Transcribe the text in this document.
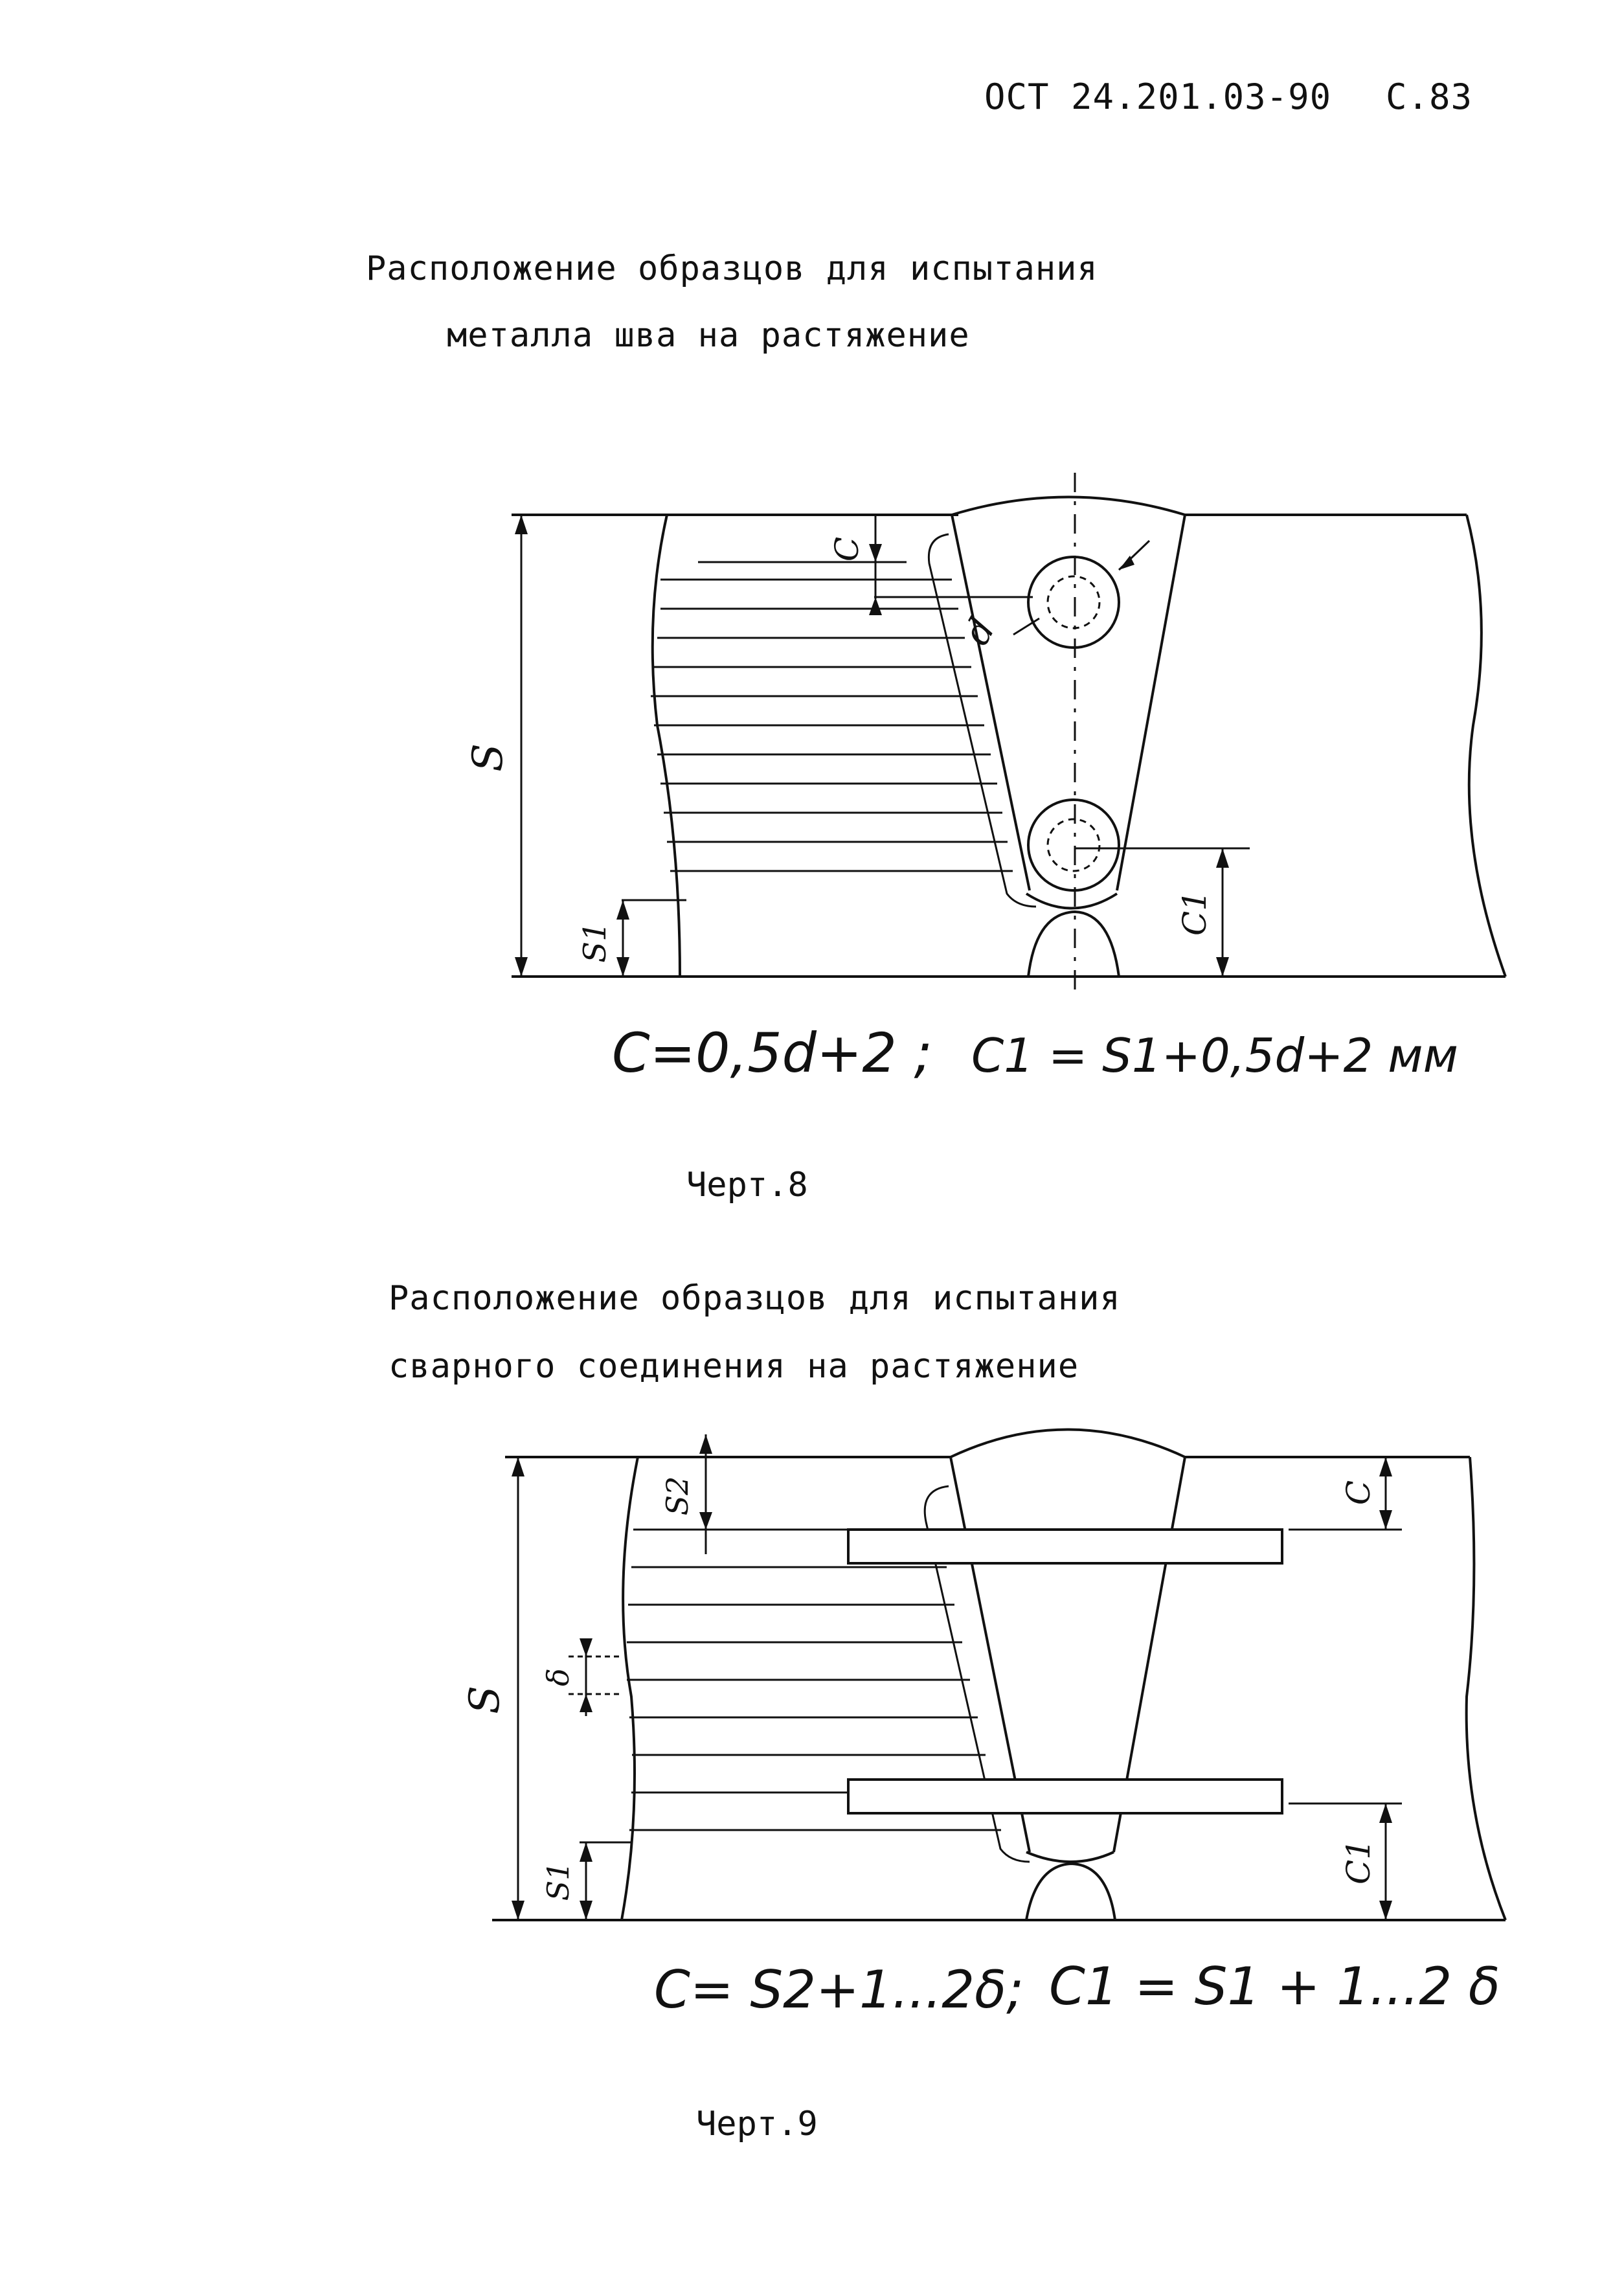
ОСТ 24.201.03-90 С.83
Расположение образцов для испытания
металла шва на растяжение
S
S1
C
C1
d
C=0,5d+2 ; C1 = S1+0,5d+2 мм
Черт.8
Расположение образцов для испытания
сварного соединения на растяжение
S
S2
δ
S1
C
C1
C= S2+1...2δ; C1 = S1 + 1...2 δ
Черт.9
